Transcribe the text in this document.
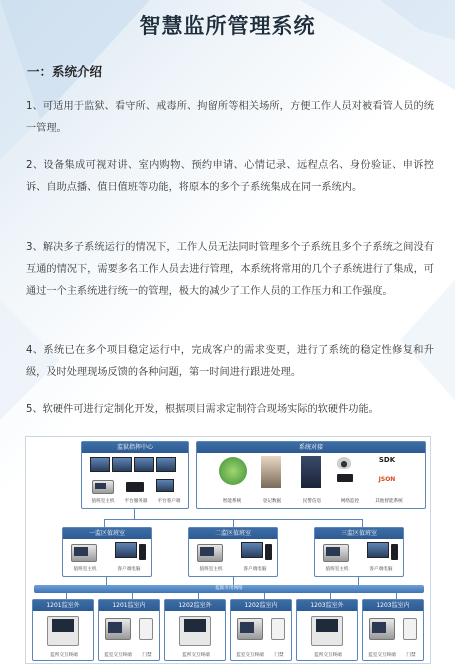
智慧监所管理系统
一：系统介绍

1、可适用于监狱、看守所、戒毒所、拘留所等相关场所，方便工作人员对被看管人员的统一管理。

2、设备集成可视对讲、室内购物、预约申请、心情记录、远程点名、身份验证、申诉控诉、自助点播、值日值班等功能，将原本的多个子系统集成在同一系统内。

3、解决多子系统运行的情况下，工作人员无法同时管理多个子系统且多个子系统之间没有互通的情况下，需要多名工作人员去进行管理，本系统将常用的几个子系统进行了集成，可通过一个主系统进行统一的管理，极大的减少了工作人员的工作压力和工作强度。

4、系统已在多个项目稳定运行中，完成客户的需求变更，进行了系统的稳定性修复和升级，及时处理现场反馈的各种问题，第一时间进行跟进处理。

5、软硬件可进行定制化开发，根据项目需求定制符合现场实际的软硬件功能。

监狱指挥中心
值班室主机	平台服务器	平台客户端
系统对接
SDK
JSON
智能系统	登记数据	民警信息	网络监控	其他智能系统
一监区值班室
值班室主机	客户端电脑
二监区值班室
值班室主机	客户端电脑
三监区值班室
值班室主机	客户端电脑
监狱专用网络
1201监室外
监所交互终端
1201监室内
监室交互终端	门禁
1202监室外
监所交互终端
1202监室内
监室交互终端	门禁
1203监室外
监所交互终端
1203监室内
监室交互终端	门禁
